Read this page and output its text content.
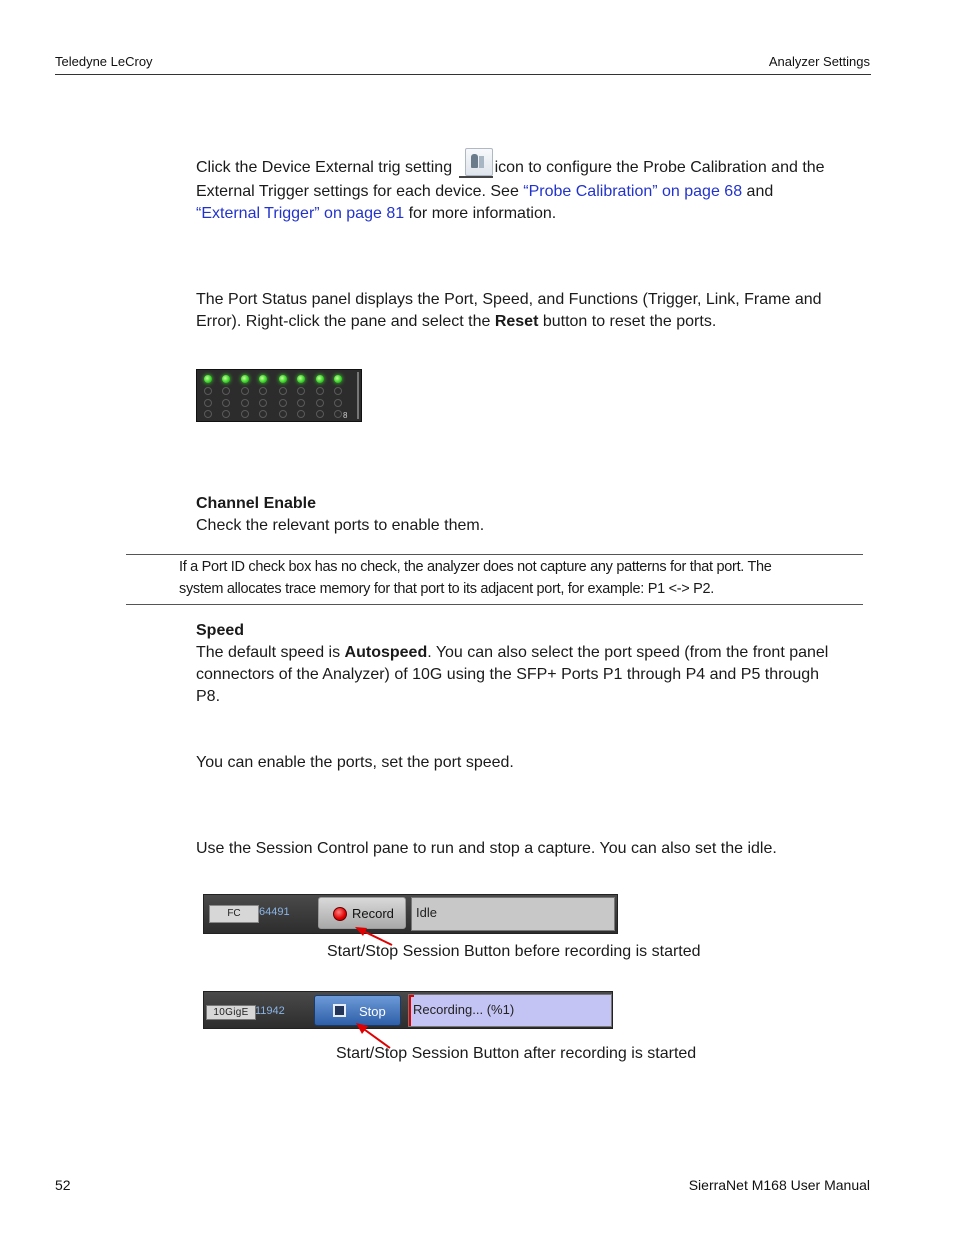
Teledyne LeCroy	Analyzer Settings
Click the Device External trig setting	icon to configure the Probe Calibration and the
External Trigger settings for each device. See “Probe Calibration” on page 68 and
“External Trigger” on page 81 for more information.
The Port Status panel displays the Port, Speed, and Functions (Trigger, Link, Frame and
Error). Right-click the pane and select the Reset button to reset the ports.
8
Channel Enable
Check the relevant ports to enable them.
If a Port ID check box has no check, the analyzer does not capture any patterns for that port. The
system allocates trace memory for that port to its adjacent port, for example: P1 <-> P2.
Speed
The default speed is Autospeed. You can also select the port speed (from the front panel
connectors of the Analyzer) of 10G using the SFP+ Ports P1 through P4 and P5 through
P8.
You can enable the ports, set the port speed.
Use the Session Control pane to run and stop a capture. You can also set the idle.
FC	64491	Record	Idle
Start/Stop Session Button before recording is started
10GigE 11942	Stop	Recording... (%1)
Start/Stop Session Button after recording is started
52	SierraNet M168 User Manual
